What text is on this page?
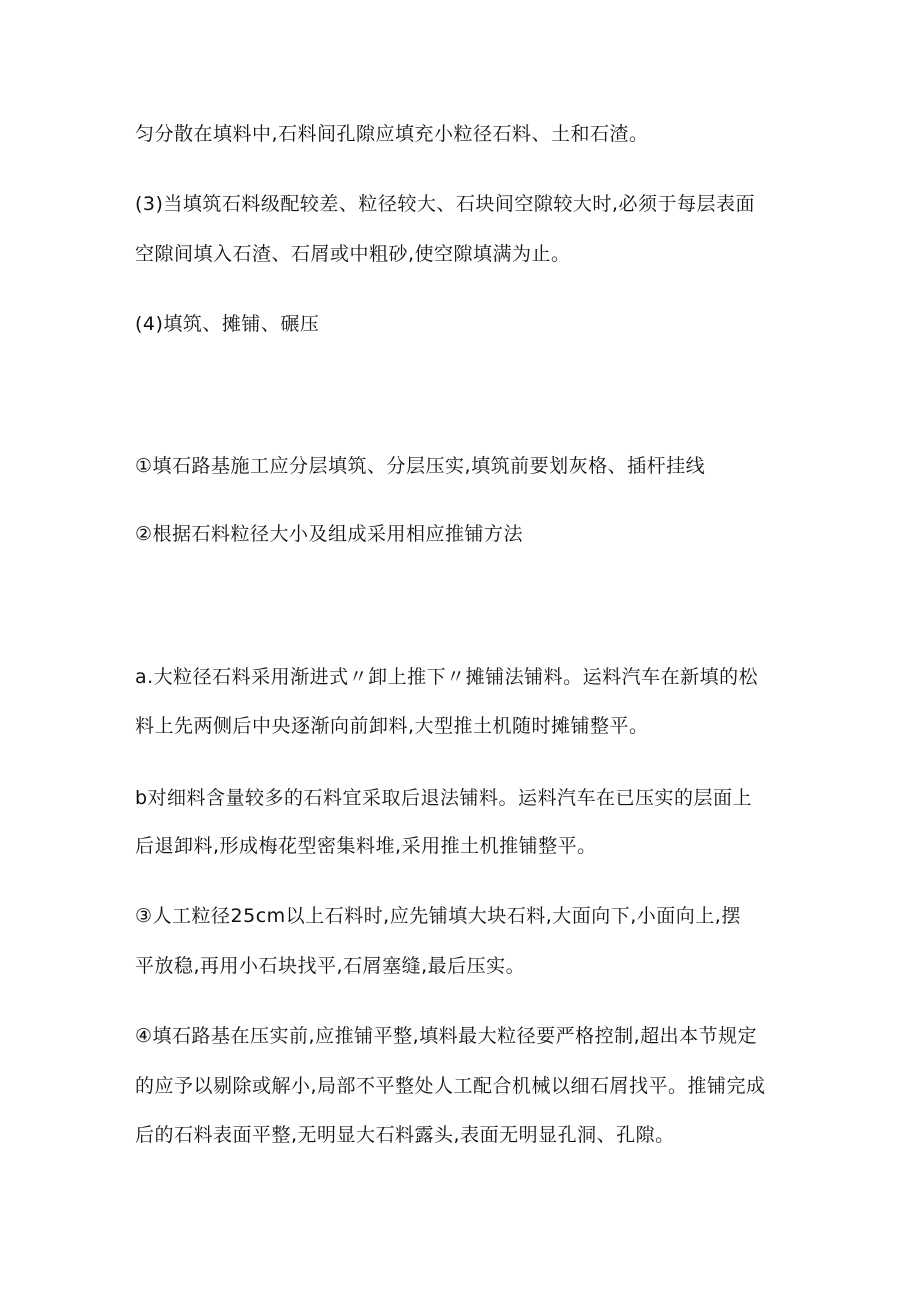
匀分散在填料中,石料间孔隙应填充小粒径石料、土和石渣。
(3)当填筑石料级配较差、粒径较大、石块间空隙较大时,必须于每层表面
空隙间填入石渣、石屑或中粗砂,使空隙填满为止。
(4)填筑、摊铺、碾压
①填石路基施工应分层填筑、分层压实,填筑前要划灰格、插杆挂线
②根据石料粒径大小及组成采用相应推铺方法
a.大粒径石料采用渐进式〃卸上推下〃摊铺法铺料。运料汽车在新填的松
料上先两侧后中央逐渐向前卸料,大型推土机随时摊铺整平。
b对细料含量较多的石料宜采取后退法铺料。运料汽车在已压实的层面上
后退卸料,形成梅花型密集料堆,采用推土机推铺整平。
③人工粒径25cm以上石料时,应先铺填大块石料,大面向下,小面向上,摆
平放稳,再用小石块找平,石屑塞缝,最后压实。
④填石路基在压实前,应推铺平整,填料最大粒径要严格控制,超出本节规定
的应予以剔除或解小,局部不平整处人工配合机械以细石屑找平。推铺完成
后的石料表面平整,无明显大石料露头,表面无明显孔洞、孔隙。
